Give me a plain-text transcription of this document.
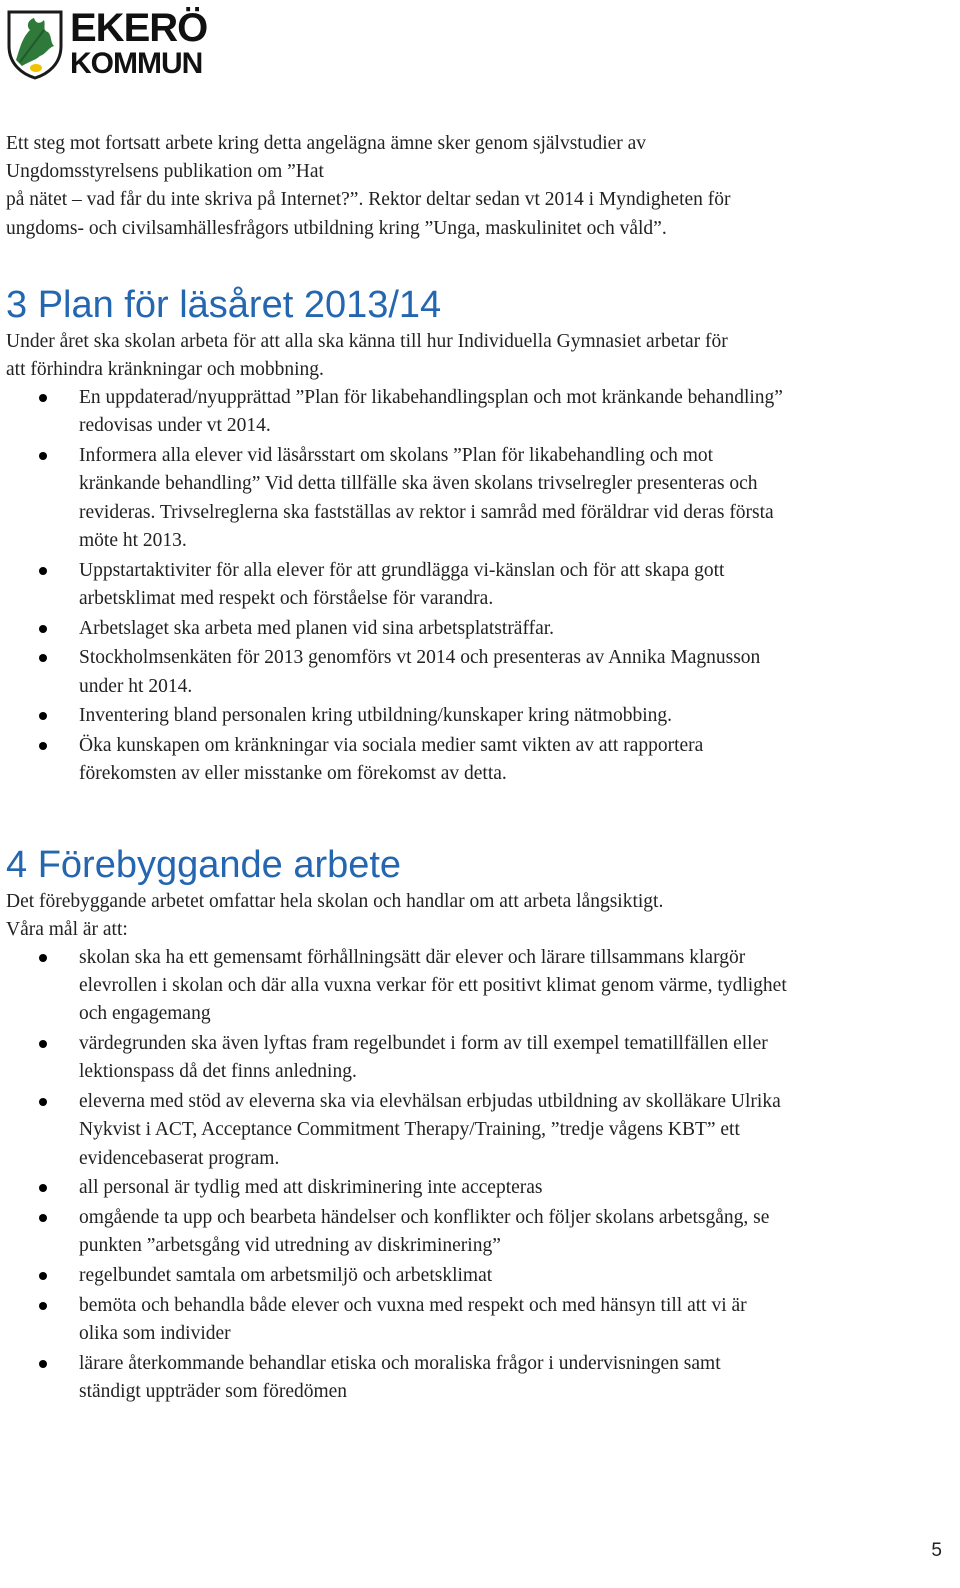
EKERÖ
KOMMUN

Ett steg mot fortsatt arbete kring detta angelägna ämne sker genom självstudier av
Ungdomsstyrelsens publikation om ”Hat
på nätet – vad får du inte skriva på Internet?”. Rektor deltar sedan vt 2014 i Myndigheten för
ungdoms- och civilsamhällesfrågors utbildning kring ”Unga, maskulinitet och våld”.

3 Plan för läsåret 2013/14

Under året ska skolan arbeta för att alla ska känna till hur Individuella Gymnasiet arbetar för
att förhindra kränkningar och mobbning.

En uppdaterad/nyupprättad ”Plan för likabehandlingsplan och mot kränkande behandling”
redovisas under vt 2014.
Informera alla elever vid läsårsstart om skolans ”Plan för likabehandling och mot
kränkande behandling” Vid detta tillfälle ska även skolans trivselregler presenteras och
revideras. Trivselreglerna ska fastställas av rektor i samråd med föräldrar vid deras första
möte ht 2013.
Uppstartaktiviter för alla elever för att grundlägga vi-känslan och för att skapa gott
arbetsklimat med respekt och förståelse för varandra.
Arbetslaget ska arbeta med planen vid sina arbetsplatsträffar.
Stockholmsenkäten för 2013 genomförs vt 2014 och presenteras av Annika Magnusson
under ht 2014.
Inventering bland personalen kring utbildning/kunskaper kring nätmobbing.
Öka kunskapen om kränkningar via sociala medier samt vikten av att rapportera
förekomsten av eller misstanke om förekomst av detta.
4 Förebyggande arbete

Det förebyggande arbetet omfattar hela skolan och handlar om att arbeta långsiktigt.
Våra mål är att:

skolan ska ha ett gemensamt förhållningsätt där elever och lärare tillsammans klargör
elevrollen i skolan och där alla vuxna verkar för ett positivt klimat genom värme, tydlighet
och engagemang
värdegrunden ska även lyftas fram regelbundet i form av till exempel tematillfällen eller
lektionspass då det finns anledning.
eleverna med stöd av eleverna ska via elevhälsan erbjudas utbildning av skolläkare Ulrika
Nykvist i ACT, Acceptance Commitment Therapy/Training, ”tredje vågens KBT” ett
evidencebaserat program.
all personal är tydlig med att diskriminering inte accepteras
omgående ta upp och bearbeta händelser och konflikter och följer skolans arbetsgång, se
punkten ”arbetsgång vid utredning av diskriminering”
regelbundet samtala om arbetsmiljö och arbetsklimat
bemöta och behandla både elever och vuxna med respekt och med hänsyn till att vi är
olika som individer
lärare återkommande behandlar etiska och moraliska frågor i undervisningen samt
ständigt uppträder som föredömen
5
